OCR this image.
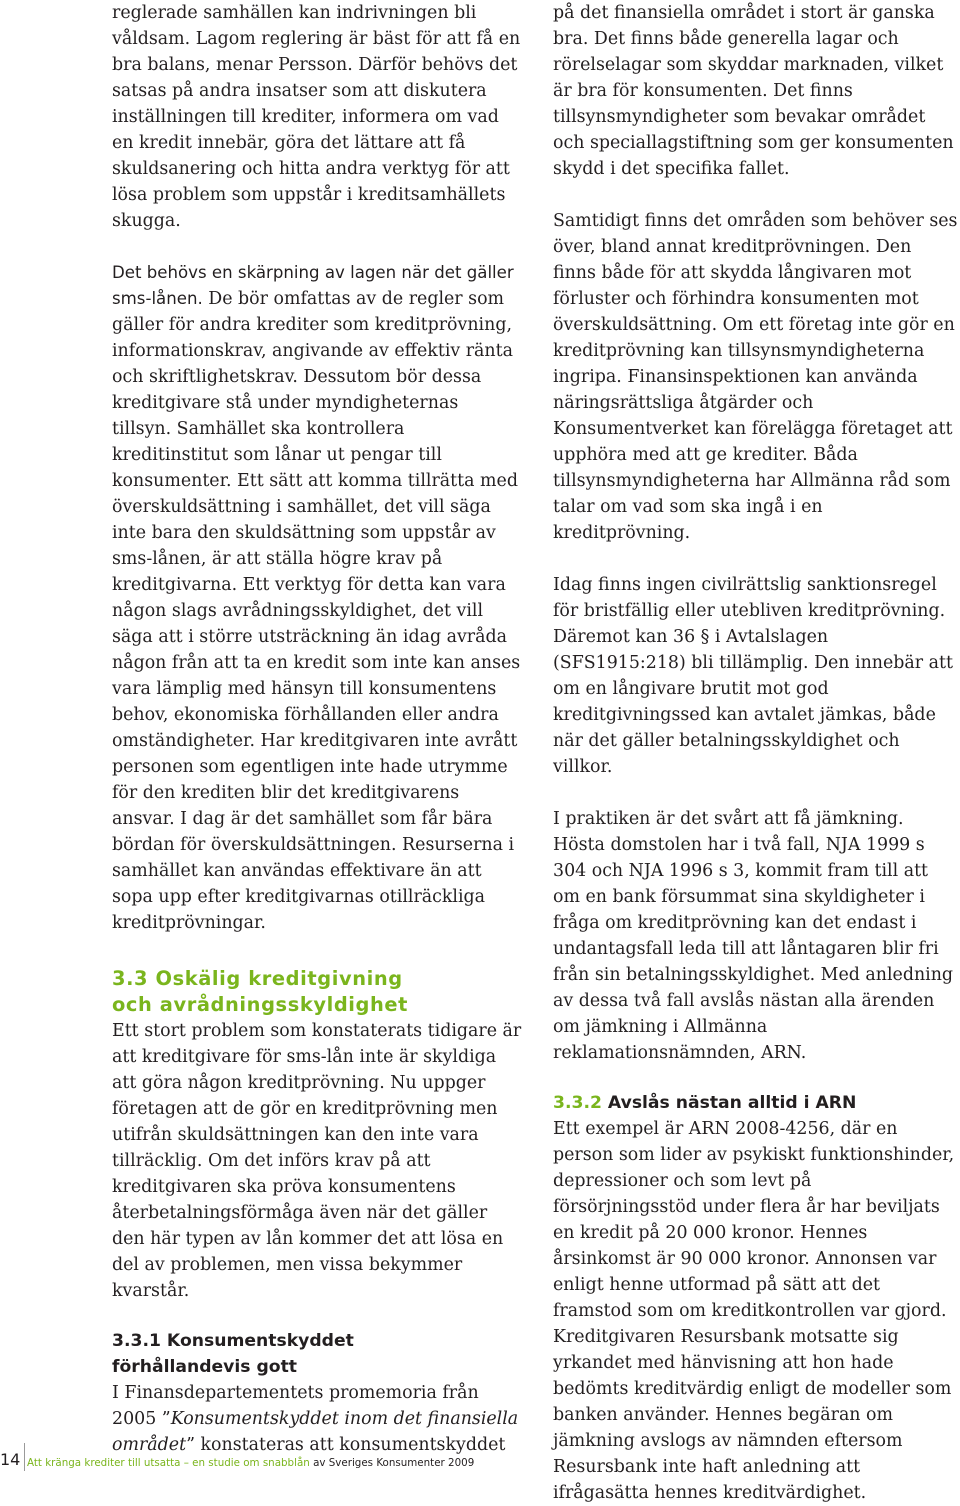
reglerade samhällen kan indrivningen bli våldsam. Lagom reglering är bäst för att få en bra balans, menar Persson. Därför behövs det satsas på andra insatser som att diskutera inställningen till krediter, informera om vad en kredit innebär, göra det lättare att få skuldsanering och hitta andra verktyg för att lösa problem som uppstår i kreditsamhällets skugga.

Det behövs en skärpning av lagen när det gäller sms-lånen. De bör omfattas av de regler som gäller för andra krediter som kreditprövning, informationskrav, angivande av effektiv ränta och skriftlighetskrav. Dessutom bör dessa kreditgivare stå under myndigheternas tillsyn. Samhället ska kontrollera kreditinstitut som lånar ut pengar till konsumenter. Ett sätt att komma tillrätta med överskuldsättning i samhället, det vill säga inte bara den skuldsättning som uppstår av sms-lånen, är att ställa högre krav på kreditgivarna. Ett verktyg för detta kan vara någon slags avrådningsskyldighet, det vill säga att i större utsträckning än idag avråda någon från att ta en kredit som inte kan anses vara lämplig med hänsyn till konsumentens behov, ekonomiska förhållanden eller andra omständigheter. Har kreditgivaren inte avrått personen som egentligen inte hade utrymme för den krediten blir det kreditgivarens ansvar. I dag är det samhället som får bära bördan för överskuldsättningen. Resurserna i samhället kan användas effektivare än att sopa upp efter kreditgivarnas otillräckliga kreditprövningar.

3.3 Oskälig kreditgivning
och avrådningsskyldighet

Ett stort problem som konstaterats tidigare är att kreditgivare för sms-lån inte är skyldiga att göra någon kreditprövning. Nu uppger företagen att de gör en kreditprövning men utifrån skuldsättningen kan den inte vara tillräcklig. Om det införs krav på att kreditgivaren ska pröva konsumentens återbetalningsförmåga även när det gäller den här typen av lån kommer det att lösa en del av problemen, men vissa bekymmer kvarstår.

3.3.1 Konsumentskyddet
förhållandevis gott

I Finansdepartementets promemoria från 2005 ”Konsumentskyddet inom det finansiella området” konstateras att konsumentskyddet

på det finansiella området i stort är ganska bra. Det finns både generella lagar och rörelselagar som skyddar marknaden, vilket är bra för konsumenten. Det finns tillsynsmyndigheter som bevakar området och speciallagstiftning som ger konsumenten skydd i det specifika fallet.

Samtidigt finns det områden som behöver ses över, bland annat kreditprövningen. Den finns både för att skydda långivaren mot förluster och förhindra konsumenten mot överskuldsättning. Om ett företag inte gör en kreditprövning kan tillsynsmyndigheterna ingripa. Finansinspektionen kan använda näringsrättsliga åtgärder och Konsumentverket kan förelägga företaget att upphöra med att ge krediter. Båda tillsynsmyndigheterna har Allmänna råd som talar om vad som ska ingå i en kreditprövning.

Idag finns ingen civilrättslig sanktionsregel för bristfällig eller utebliven kreditprövning. Däremot kan 36 § i Avtalslagen (SFS1915:218) bli tillämplig. Den innebär att om en långivare brutit mot god kreditgivningssed kan avtalet jämkas, både när det gäller betalningsskyldighet och villkor.

I praktiken är det svårt att få jämkning. Hösta domstolen har i två fall, NJA 1999 s 304 och NJA 1996 s 3, kommit fram till att om en bank försummat sina skyldigheter i fråga om kreditprövning kan det endast i undantagsfall leda till att låntagaren blir fri från sin betalningsskyldighet. Med anledning av dessa två fall avslås nästan alla ärenden om jämkning i Allmänna reklamationsnämnden, ARN.

3.3.2 Avslås nästan alltid i ARN

Ett exempel är ARN 2008-4256, där en person som lider av psykiskt funktionshinder, depressioner och som levt på försörjningsstöd under flera år har beviljats en kredit på 20 000 kronor. Hennes årsinkomst är 90 000 kronor. Annonsen var enligt henne utformad på sätt att det framstod som om kreditkontrollen var gjord. Kreditgivaren Resursbank motsatte sig yrkandet med hänvisning att hon hade bedömts kreditvärdig enligt de modeller som banken använder. Hennes begäran om jämkning avslogs av nämnden eftersom Resursbank inte haft anledning att ifrågasätta hennes kreditvärdighet.

14 Att kränga krediter till utsatta – en studie om snabblån av Sveriges Konsumenter 2009
